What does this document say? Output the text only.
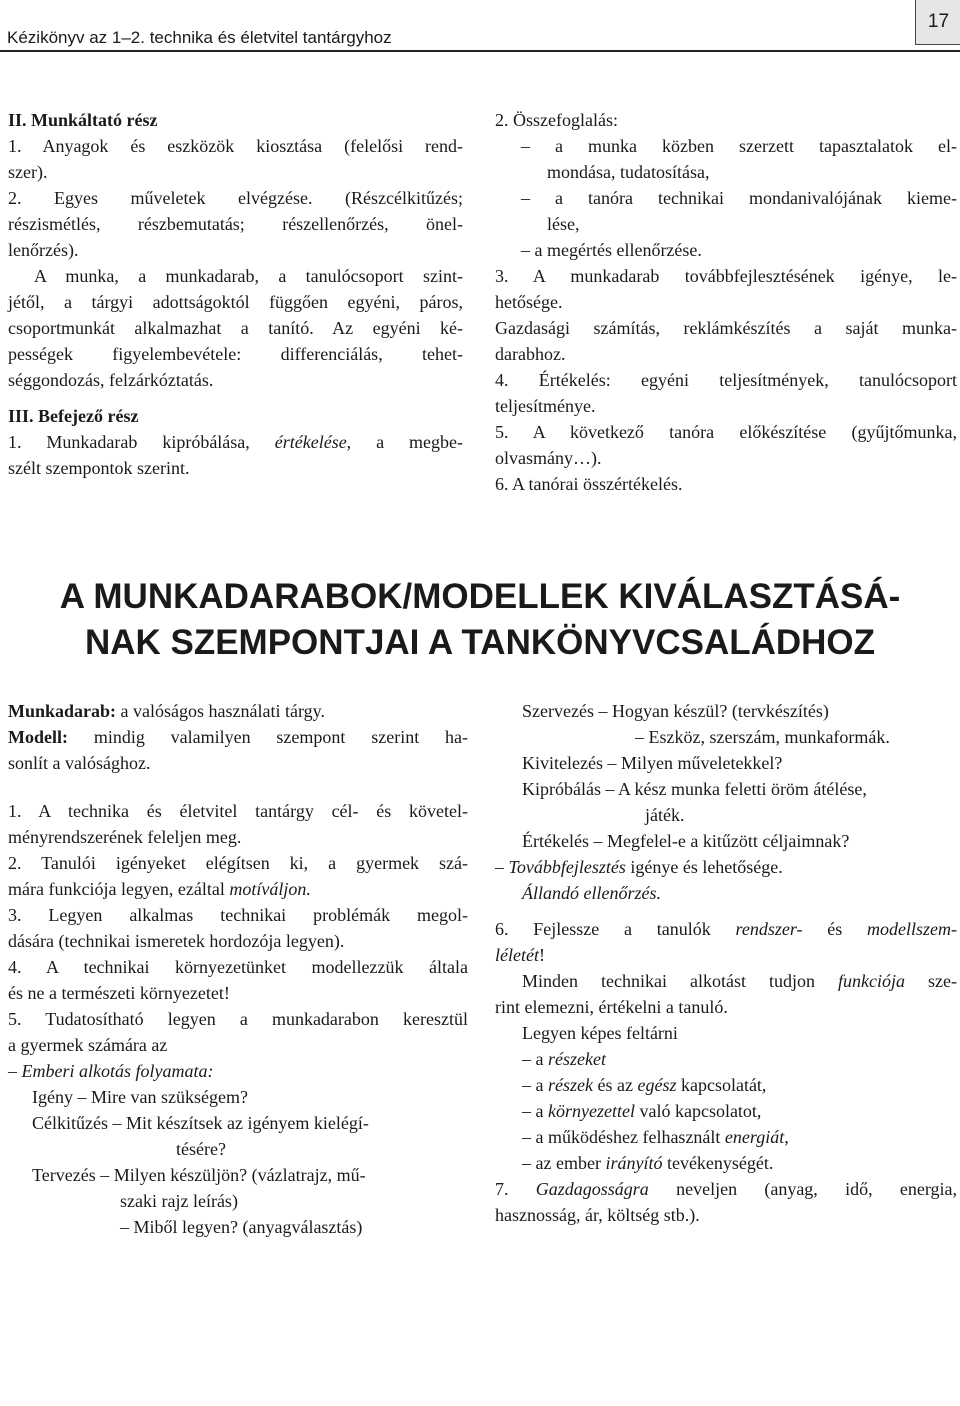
Kézikönyv az 1–2. technika és életvitel tantárgyhoz
17
II. Munkáltató rész
1. Anyagok és eszközök kiosztása (felelősi rend-
szer).
2. Egyes műveletek elvégzése. (Részcélkitűzés;
részismétlés, részbemutatás; részellenőrzés, önel-
lenőrzés).
A munka, a munkadarab, a tanulócsoport szint-
jétől, a tárgyi adottságoktól függően egyéni, páros,
csoportmunkát alkalmazhat a tanító. Az egyéni ké-
pességek figyelembevétele: differenciálás, tehet-
séggondozás, felzárkóztatás.
III. Befejező rész
1. Munkadarab kipróbálása, értékelése, a megbe-
szélt szempontok szerint.
2. Összefoglalás:
– a munka közben szerzett tapasztalatok el-
mondása, tudatosítása,
– a tanóra technikai mondanivalójának kieme-
lése,
– a megértés ellenőrzése.
3. A munkadarab továbbfejlesztésének igénye, le-
hetősége.
Gazdasági számítás, reklámkészítés a saját munka-
darabhoz.
4. Értékelés: egyéni teljesítmények, tanulócsoport
teljesítménye.
5. A következő tanóra előkészítése (gyűjtőmunka,
olvasmány…).
6. A tanórai összértékelés.
A MUNKADARABOK/MODELLEK KIVÁLASZTÁSÁ-
NAK SZEMPONTJAI A TANKÖNYVCSALÁDHOZ
Munkadarab: a valóságos használati tárgy.
Modell: mindig valamilyen szempont szerint ha-
sonlít a valósághoz.
1. A technika és életvitel tantárgy cél- és követel-
ményrendszerének feleljen meg.
2. Tanulói igényeket elégítsen ki, a gyermek szá-
mára funkciója legyen, ezáltal motíváljon.
3. Legyen alkalmas technikai problémák megol-
dására (technikai ismeretek hordozója legyen).
4. A technikai környezetünket modellezzük általa
és ne a természeti környezetet!
5. Tudatosítható legyen a munkadarabon keresztül
a gyermek számára az
– Emberi alkotás folyamata:
Igény – Mire van szükségem?
Célkitűzés – Mit készítsek az igényem kielégí-
tésére?
Tervezés – Milyen készüljön? (vázlatrajz, mű-
szaki rajz leírás)
– Miből legyen? (anyagválasztás)
Szervezés – Hogyan készül? (tervkészítés)
– Eszköz, szerszám, munkaformák.
Kivitelezés – Milyen műveletekkel?
Kipróbálás – A kész munka feletti öröm átélése,
játék.
Értékelés – Megfelel-e a kitűzött céljaimnak?
– Továbbfejlesztés igénye és lehetősége.
Állandó ellenőrzés.
6. Fejlessze a tanulók rendszer- és modellszem-
léletét!
Minden technikai alkotást tudjon funkciója sze-
rint elemezni, értékelni a tanuló.
Legyen képes feltárni
– a részeket
– a részek és az egész kapcsolatát,
– a környezettel való kapcsolatot,
– a működéshez felhasznált energiát,
– az ember irányító tevékenységét.
7. Gazdagosságra neveljen (anyag, idő, energia,
hasznosság, ár, költség stb.).
